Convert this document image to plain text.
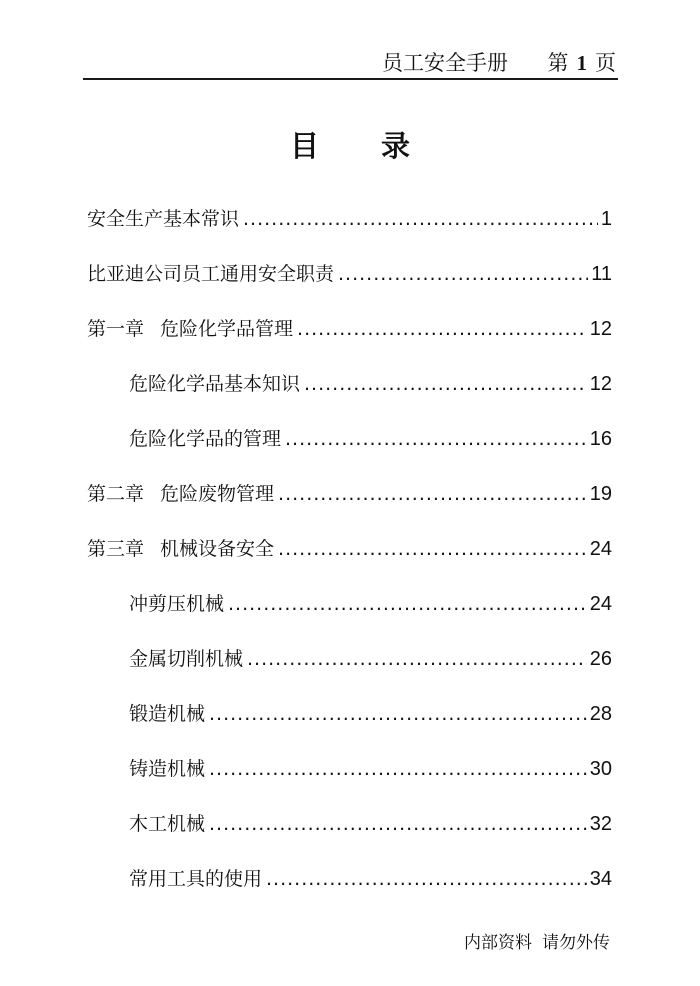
员工安全手册 第 1 页
目录
安全生产基本常识 .....	1
比亚迪公司员工通用安全职责 .....	11
第一章 危险化学品管理 .....	12
危险化学品基本知识 .....	12
危险化学品的管理 .....	16
第二章 危险废物管理 .....	19
第三章 机械设备安全 .....	24
冲剪压机械 .....	24
金属切削机械 .....	26
锻造机械 .....	28
铸造机械 .....	30
木工机械 .....	32
常用工具的使用 .....	34
内部资料 请勿外传
